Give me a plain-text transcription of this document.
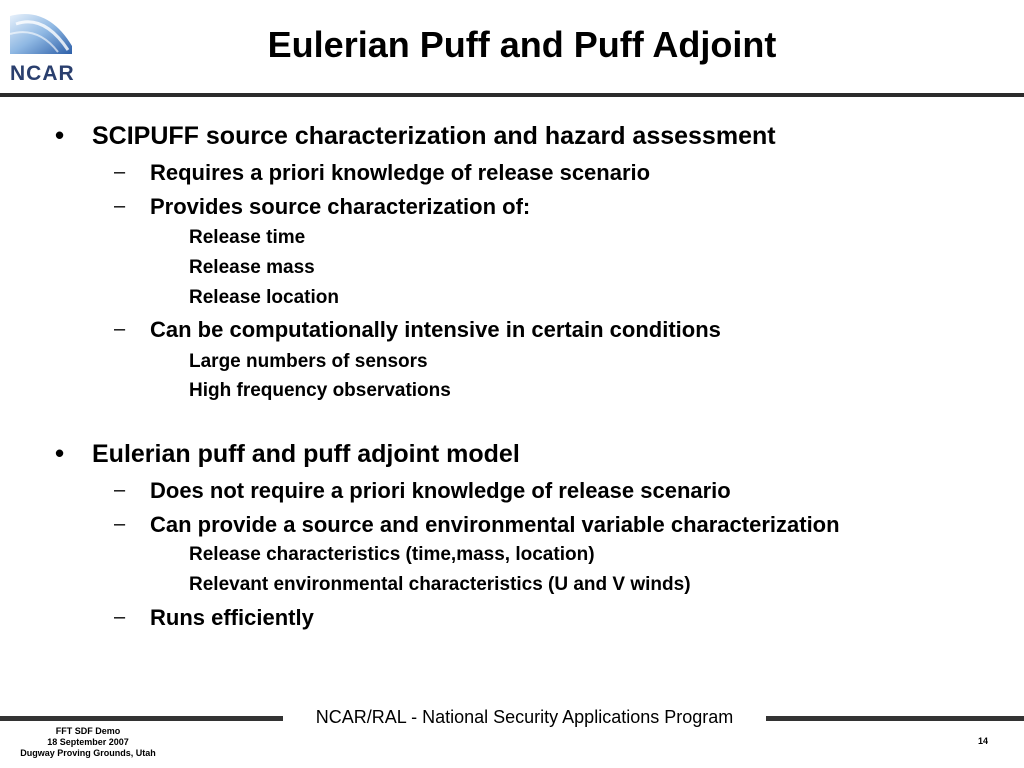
NCAR
Eulerian Puff and Puff Adjoint
• SCIPUFF source characterization and hazard assessment
– Requires a priori knowledge of release scenario
– Provides source characterization of:
Release time
Release mass
Release location
– Can be computationally intensive in certain conditions
Large numbers of sensors
High frequency observations
• Eulerian puff and puff adjoint model
– Does not require a priori knowledge of release scenario
– Can provide a source and environmental variable characterization
Release characteristics (time,mass, location)
Relevant environmental characteristics (U and V winds)
– Runs efficiently
NCAR/RAL - National Security Applications Program
FFT SDF Demo
18 September 2007
Dugway Proving Grounds, Utah
14
